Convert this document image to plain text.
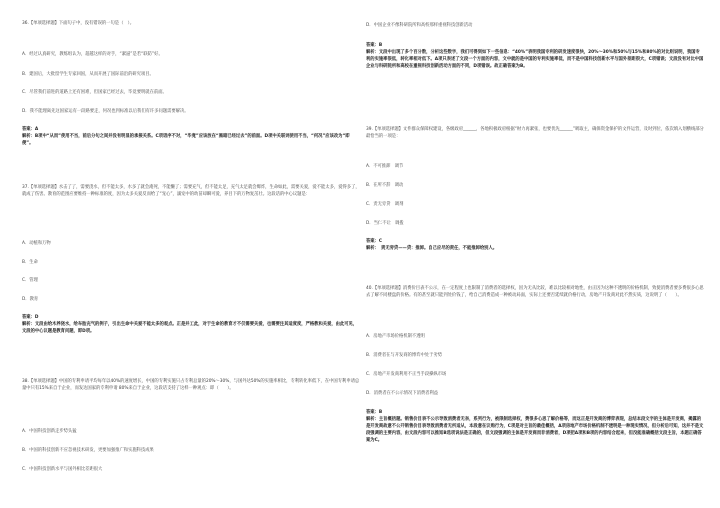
36.【单项选择题】下面句子中，没有错误的一句是（　）。

A．经过认真研究，教练组认为，超越这样的对手，“紧逼”是若“联防”好。

B．建国后，大批留学生专家回国，从而开展了国际前沿的研究项目。

C．尽管我们前进的道路上还有困难，但国家已经过去，毕竟要明就在前面。

D．我不能理离先这国家运有一段路要走，何况也到标准以后我们有许多问题需要解决。

答案：A

解析：B项中“从而”使用不当，前后分句之间并没有明显的承接关系。C项语序不对，“毕竟”应该放在“黑暗已经过去”的前面。D项中关联词使用不当，“何况”应该改为“即便”。

37.【单项选择题】水击了了，需要浇水，但不能太多，水多了就会淹死，不能懒了；需要充气，但不能太足，充气太足就会爆炸，生命如此，需要关爱，爱不能太多，爱得多了，就成了伤害。教育的范围应要维持一种标准的度，因为太多关爱反而给了“宠心”，溺宠中的幼苗却瞬可爱，养目下的万物复茁壮。这段话的中心议题是：

A．动植和万物

B．生命

C．管理

D．教育

答案：D

解析：文段由给木养浇水，给车胎充气的例子，引出生命中关爱不能太多的观点。正是并工此，对于生命的教育才不仅需要关爱，也需要注其适度度，严格教和关爱，由此可见，文段的中心议题是教育问题，即D项。

38.【单项选择题】中国的专利申请平均每年以40%的速度增长，中国的专利实施只占专利总量的20%～30%，与国外达50%的实施率相比，专利转化率低下，在中国专利申请总量中只有15%来自于企业，而发达国家的专利申请 80%来自于企业，这段话支持了这样一种观点：即（　　）。

A．中国科技创新走步势头猛

B．中国的科技创新不应忽视技术研发，更要加强推广和实施科技成果

C．中国科技创新水平与国外相比差距很大

D．中国企业不像科研院所和高校那样重视科技创新活动

答案：B

解析：文段中出现了多个百分数，分析这些数字，我们可得到如下一些信息：“40%”表明我国专利的研发速度很快，20%～30%和50%与15%和80%的对比则说明，我国专利的实施率很低，转化率相对低下。A项只表述了文段一个方面的内容，文中就的是中国的专利实施率低，而不是中国科技创新水平与国外差距很大，C项错误；文段没有对比中国企业与科研院所和高校在重视科技创新活动方面的不同，D项错误。故正确答案为B。

39.【单项选择题】文件群众保障权建设，各级政府______，各地积极政府根据“财力再紧张，也要优先______”吸取主，确保资金保护的文件运营，及时到位，依次填入划横线部分最恰当的一项是：

A．不可推卸　调节

B．在所不辞　调动

C．责无旁贷　调剂

D．当仁不让　调拨

答案：C

解析：　责无旁贷——贷：推卸。自己应尽的责任，不能推卸给别人。

40.【单项选择题】消费价目表不公示，在一定程度上也限制了消费者的选择权，因为无从比较，难以比较相对地性，由正因为这种不透明的价格机制，致使消费者要多费很多心思去了解不同楼盘的价格。有的甚至就只能到处价钱了，给自己消费造成一种被动局面，实际上还要否延续就价格行动，房地产开发商对此不然实质，这说明了（　　）。

A．房地产市场价格机制不透明

B．消费者在与开发商的博弈中处于劣势

C．房地产开发商利用不正当手段操纵市场

D．消费者在不公示情况下消费者利益

答案：B

解析：主旨概括题。销售价目表不公示导致消费者无奈，系列行为，被限制选择权，费很多心思了解价格等，而这正是开发商的博弈表现，总结本段文字的主体是开发商，揭露的是开发商故意不公开销售价目表导致消费者无所适从，本段意在议购行为，C项是对主旨的最佳概括，A项房地产市场价格机制不透明是一种现实情况，但分析后可知，这并不是文段强调的主要内容，由文段内容可以推知B选项说法是正确的，但文段强调的主体是开发商而非消费者，D项把A项和B项的内容结合起来，但没能准确概括文段主旨，本题正确答案为C。
